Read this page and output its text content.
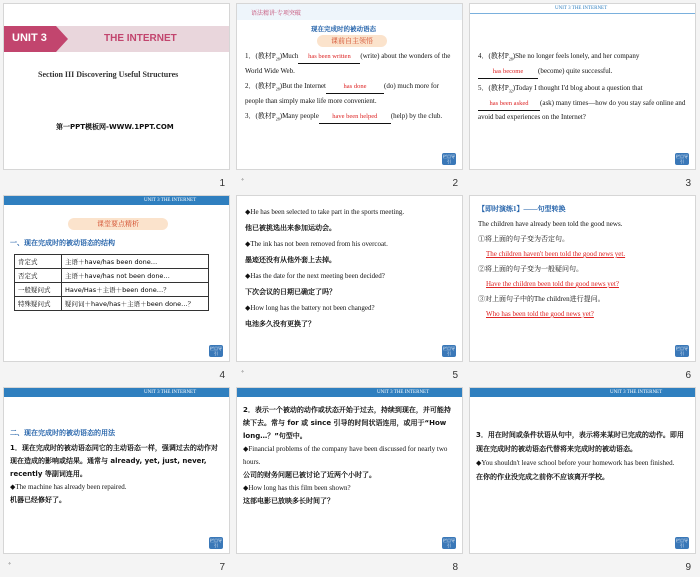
UNIT 3	THE INTERNET
Section III Discovering Useful Structures
第一PPT模板网-WWW.1PPT.COM
1
语法精讲·专项突破
现在完成时的被动语态
课前自主领悟
1．(教材$P_{28})Much$ has been written (write) about the wonders of the World Wide Web.
2．(教材$P_{28})But$ the Internet	has done	(do) much more for people than simply make life more convenient.
3．(教材$P_{28})Many$ people have been helped (help) by the club.
栏目导引
ﾞ	2
UNIT 3 THE INTERNET
4．(教材$P_{28})She$ no longer feels lonely, and her company has become (become) quite successful.
5．(教材$P_{32})Today$ I thought I'd blog about a question that has been asked (ask) many times—how do you stay safe online and avoid bad experiences on the Internet?
栏目导引
3
UNIT 3 THE INTERNET
课堂要点精析
一、现在完成时的被动语态的结构
肯定式	主语＋have/has been done…
否定式	主语＋have/has not been done…
一般疑问式	Have/Has＋主语＋been done…？
特殊疑问式	疑问词＋have/has＋主语＋been done…？
栏目导引
4
◆He has been selected to take part in the sports meeting.
他已被挑选出来参加运动会。
◆The ink has not been removed from his overcoat.
墨迹还没有从他外套上去掉。
◆Has the date for the next meeting been decided?
下次会议的日期已确定了吗？
◆How long has the battery not been changed?
电池多久没有更换了？
栏目导引
ﾞ	5
【即时演练1】——句型转换
The children have already been told the good news.
①将上面的句子变为否定句。
The children haven't been told the good news yet.
②将上面的句子变为一般疑问句。
Have the children been told the good news yet?
③对上面句子中的The children进行提问。
Who has been told the good news yet?
栏目导引
6
UNIT 3 THE INTERNET
二、现在完成时的被动语态的用法
1．现在完成时的被动语态同它的主动语态一样，强调过去的动作对现在造成的影响或结果。通常与 already, yet, just, never, recently 等副词连用。
◆The machine has already been repaired.
机器已经修好了。
栏目导引
ﾞ	7
UNIT 3 THE INTERNET
2．表示一个被动的动作或状态开始于过去，持续到现在，并可能持续下去。常与 for 或 since 引导的时间状语连用，或用于“How long…？”句型中。
◆Financial problems of the company have been discussed for nearly two hours.
公司的财务问题已被讨论了近两个小时了。
◆How long has this film been shown?
这部电影已放映多长时间了？
栏目导引
8
UNIT 3 THE INTERNET
3．用在时间或条件状语从句中，表示将来某时已完成的动作。即用现在完成时的被动语态代替将来完成时的被动语态。
◆You shouldn't leave school before your homework has been finished.
在你的作业没完成之前你不应该离开学校。
栏目导引
9
